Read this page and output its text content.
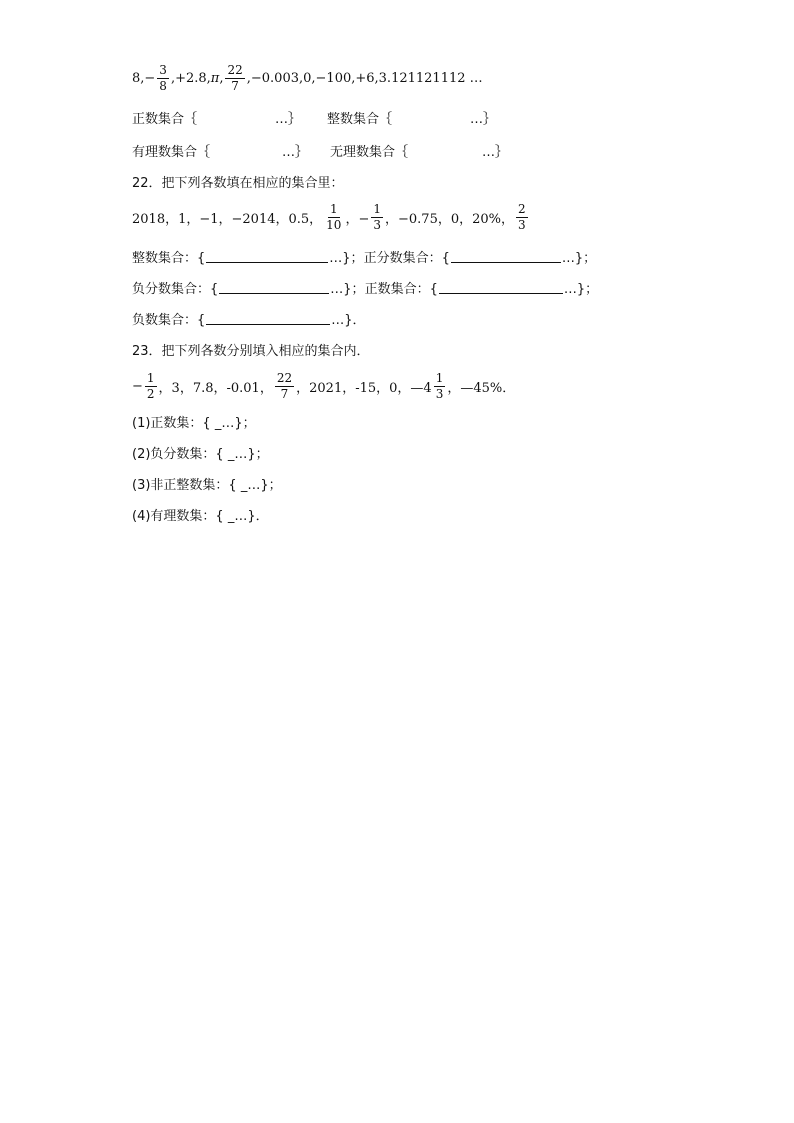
$8,- \frac{3}{8} ,+2.8$, π , $\frac{22}{7} ,-0.003,0,-100,+6,3.121121112$ …
正数集合｛	…｝ 整数集合｛	…｝
有理数集合｛	…｝ 无理数集合｛	…｝
22．把下列各数填在相应的集合里：
2018，1，−1，−2014，0.5， $\frac{1}{10}$ ，− $\frac{1}{3}$ ，−0.75，0，20%， $\frac{2}{3}$
整数集合：{	…}； 正分数集合：{	…}；
负分数集合：{	…}； 正数集合：{	…}；
负数集合：{	…}．
23．把下列各数分别填入相应的集合内．
− $\frac{1}{2}$ ，3，7.8，-0.01， $\frac{22}{7}$ ，2021，-15，0，—4 $\frac{1}{3}$ ，—45%．
(1)正数集：{ _…}；
(2)负分数集：{ _…}；
(3)非正整数集：{ _…}；
(4)有理数集：{ _…}．
